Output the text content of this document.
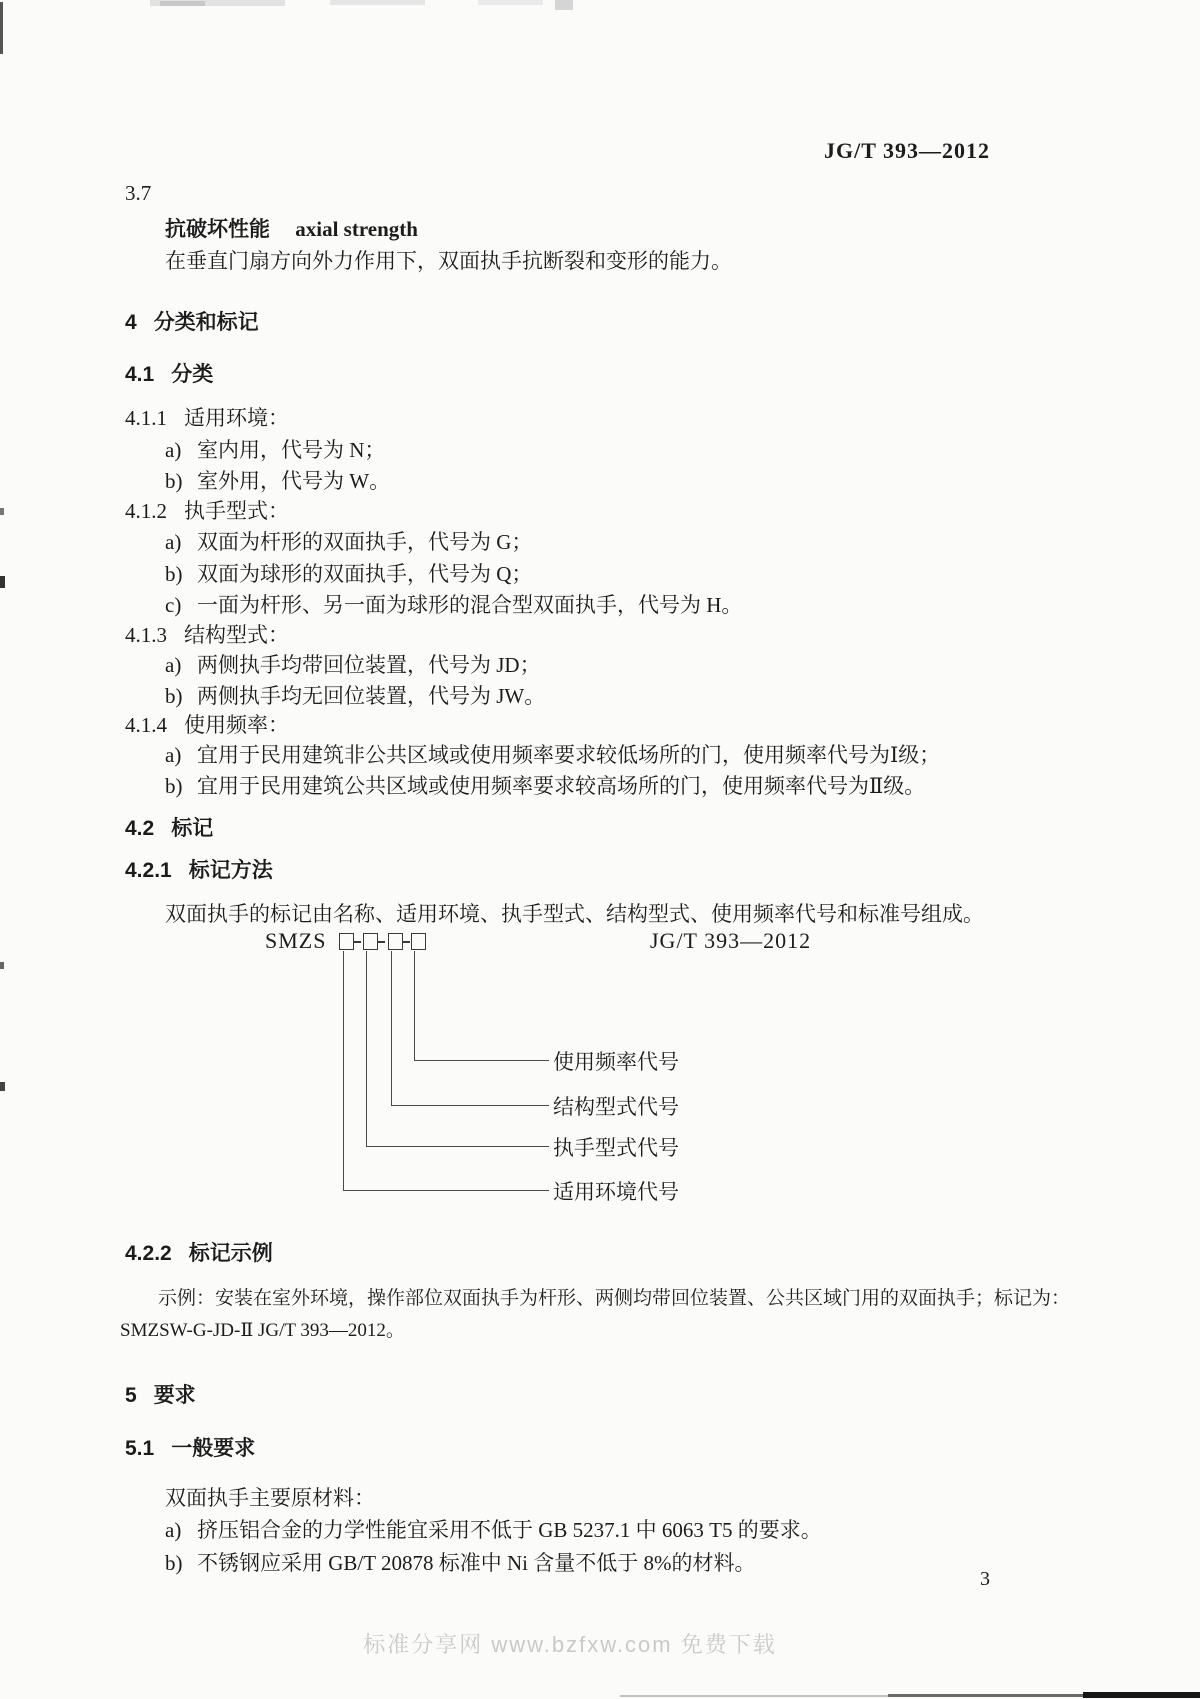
JG/T 393—2012
3.7
抗破坏性能 axial strength
在垂直门扇方向外力作用下，双面执手抗断裂和变形的能力。
4 分类和标记
4.1 分类
4.1.1 适用环境：
a) 室内用，代号为 N；
b) 室外用，代号为 W。
4.1.2 执手型式：
a) 双面为杆形的双面执手，代号为 G；
b) 双面为球形的双面执手，代号为 Q；
c) 一面为杆形、另一面为球形的混合型双面执手，代号为 H。
4.1.3 结构型式：
a) 两侧执手均带回位装置，代号为 JD；
b) 两侧执手均无回位装置，代号为 JW。
4.1.4 使用频率：
a) 宜用于民用建筑非公共区域或使用频率要求较低场所的门，使用频率代号为Ⅰ级；
b) 宜用于民用建筑公共区域或使用频率要求较高场所的门，使用频率代号为Ⅱ级。
4.2 标记
4.2.1 标记方法
双面执手的标记由名称、适用环境、执手型式、结构型式、使用频率代号和标准号组成。
SMZS	JG/T 393—2012
使用频率代号
结构型式代号
执手型式代号
适用环境代号
4.2.2 标记示例
示例：安装在室外环境，操作部位双面执手为杆形、两侧均带回位装置、公共区域门用的双面执手；标记为：
SMZSW-G-JD-Ⅱ JG/T 393—2012。
5 要求
5.1 一般要求
双面执手主要原材料：
a) 挤压铝合金的力学性能宜采用不低于 GB 5237.1 中 6063 T5 的要求。
b) 不锈钢应采用 GB/T 20878 标准中 Ni 含量不低于 8%的材料。
3
标准分享网 www.bzfxw.com 免费下载
